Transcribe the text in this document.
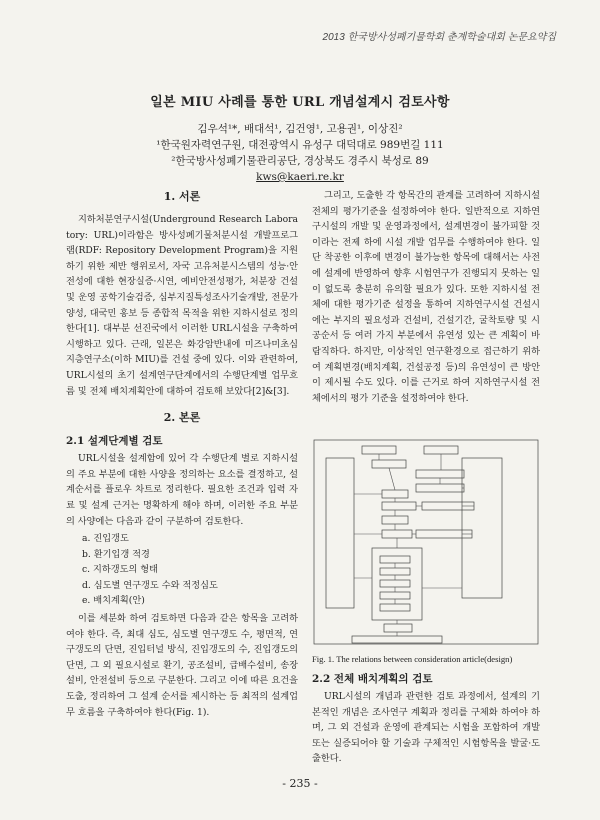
2013 한국방사성폐기물학회 춘계학술대회 논문요약집
일본 MIU 사례를 통한 URL 개념설계시 검토사항
김우석¹*, 배대석¹, 김건영¹, 고용권¹, 이상진²
¹한국원자력연구원, 대전광역시 유성구 대덕대로 989번길 111
²한국방사성폐기물관리공단, 경상북도 경주시 북성로 89
kws@kaeri.re.kr
1. 서론

지하처분연구시설(Underground Research Laboratory: URL)이라함은 방사성폐기물처분시설 개발프로그램(RDF: Repository Development Program)을 지원하기 위한 제반 행위로서, 자국 고유처분시스템의 성능·안전성에 대한 현장실증·시연, 예비안전성평가, 처분장 건설 및 운영 공학기술검증, 심부지질특성조사기술개발, 전문가 양성, 대국민 홍보 등 종합적 목적을 위한 지하시설로 정의한다[1]. 대부분 선진국에서 이러한 URL시설을 구축하여 시행하고 있다. 근래, 일본은 화강암반내에 미즈나미초심지층연구소(이하 MIU)를 건설 중에 있다. 이와 관련하여, URL시설의 초기 설계연구단계에서의 수행단계별 업무흐름 및 전체 배치계획안에 대하여 검토해 보았다[2]&[3].

2. 본론
2.1 설계단계별 검토

URL시설을 설계함에 있어 각 수행단계 별로 지하시설의 주요 부분에 대한 사양을 정의하는 요소를 결정하고, 설계순서를 플로우 차트로 정리한다. 필요한 조건과 입력 자료 및 설계 근거는 명확하게 해야 하며, 이러한 주요 부분의 사양에는 다음과 같이 구분하여 검토한다.

a. 진입갱도
b. 환기입갱 적경
c. 지하갱도의 형태
d. 심도별 연구갱도 수와 적정심도
e. 배치계획(안)

이를 세분화 하여 검토하면 다음과 같은 항목을 고려하여야 한다. 즉, 최대 심도, 심도별 연구갱도 수, 평면적, 연구갱도의 단면, 진입터널 방식, 진입갱도의 수, 진입갱도의 단면, 그 외 필요시설로 환기, 공조설비, 급배수설비, 송장설비, 안전설비 등으로 구분한다. 그리고 이에 따른 요건을 도출, 정리하여 그 설계 순서를 제시하는 등 최적의 설계업무 흐름을 구축하여야 한다(Fig. 1).

그리고, 도출한 각 항목간의 관계를 고려하여 지하시설 전체의 평가기준을 설정하여야 한다. 일반적으로 지하연구시설의 개발 및 운영과정에서, 설계변경이 불가피할 것이라는 전제 하에 시설 개발 업무를 수행하여야 한다. 일단 착공한 이후에 변경이 불가능한 항목에 대해서는 사전에 설계에 반영하여 향후 시험연구가 진행되지 못하는 일이 없도록 충분히 유의할 필요가 있다. 또한 지하시설 전체에 대한 평가기준 설정을 통하여 지하연구시설 건설시에는 부지의 필요성과 건설비, 건설기간, 굴착토량 및 시공순서 등 여러 가지 부분에서 유연성 있는 큰 계획이 바람직하다. 하지만, 이상적인 연구환경으로 접근하기 위하여 계획변경(배치계획, 건설공정 등)의 유연성이 큰 방안이 제시될 수도 있다. 이를 근거로 하여 지하연구시설 전체에서의 평가 기준을 설정하여야 한다.

Fig. 1. The relations between consideration article(design)
2.2 전체 배치계획의 검토

URL시설의 개념과 관련한 검토 과정에서, 설계의 기본적인 개념은 조사연구 계획과 정리를 구체화 하여야 하며, 그 외 건설과 운영에 관계되는 시험을 포함하여 개발 또는 실증되어야 할 기술과 구체적인 시험항목을 발굴·도출한다.

- 235 -
